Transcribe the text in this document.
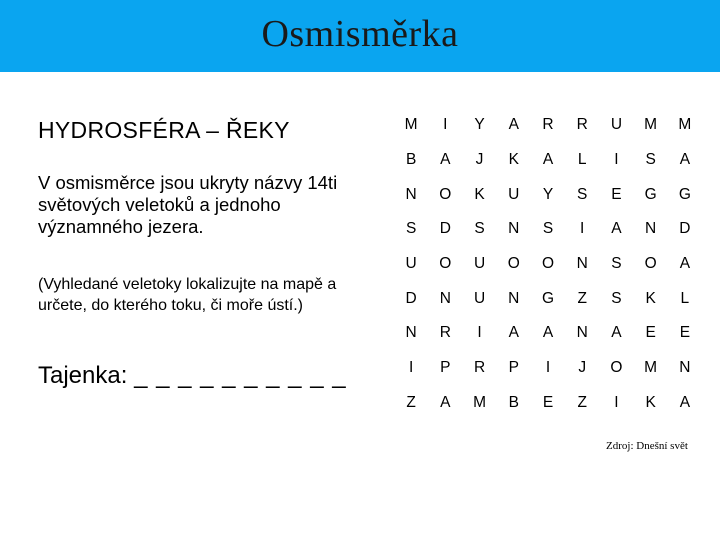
Osmisměrka
HYDROSFÉRA – ŘEKY
V osmisměrce jsou ukryty názvy 14ti světových veletoků a jednoho významného jezera.
(Vyhledané veletoky lokalizujte na mapě a určete, do kterého toku, či moře ústí.)
Tajenka: _ _ _ _ _ _ _ _ _ _
M	I	Y	A	R	R	U	M	M
B	A	J	K	A	L	I	S	A
N	O	K	U	Y	S	E	G	G
S	D	S	N	S	I	A	N	D
U	O	U	O	O	N	S	O	A
D	N	U	N	G	Z	S	K	L
N	R	I	A	A	N	A	E	E
I	P	R	P	I	J	O	M	N
Z	A	M	B	E	Z	I	K	A
Zdroj: Dnešní svět
